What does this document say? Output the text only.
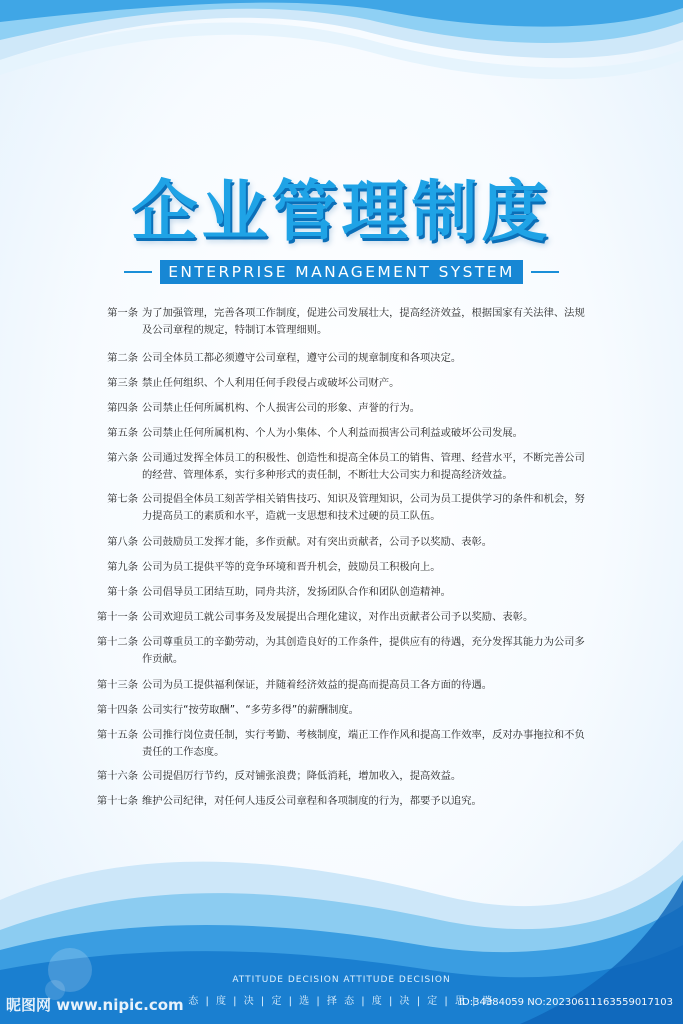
企业管理制度
ENTERPRISE MANAGEMENT SYSTEM
第一条 为了加强管理，完善各项工作制度，促进公司发展壮大，提高经济效益，根据国家有关法律、法规及公司章程的规定，特制订本管理细则。
第二条 公司全体员工都必须遵守公司章程，遵守公司的规章制度和各项决定。
第三条 禁止任何组织、个人利用任何手段侵占或破坏公司财产。
第四条 公司禁止任何所属机构、个人损害公司的形象、声誉的行为。
第五条 公司禁止任何所属机构、个人为小集体、个人利益而损害公司利益或破坏公司发展。
第六条 公司通过发挥全体员工的积极性、创造性和提高全体员工的销售、管理、经营水平，不断完善公司的经营、管理体系，实行多种形式的责任制，不断壮大公司实力和提高经济效益。
第七条 公司提倡全体员工刻苦学相关销售技巧、知识及管理知识，公司为员工提供学习的条件和机会，努力提高员工的素质和水平，造就一支思想和技术过硬的员工队伍。
第八条 公司鼓励员工发挥才能，多作贡献。对有突出贡献者，公司予以奖励、表彰。
第九条 公司为员工提供平等的竞争环境和晋升机会，鼓励员工积极向上。
第十条 公司倡导员工团结互助，同舟共济，发扬团队合作和团队创造精神。
第十一条 公司欢迎员工就公司事务及发展提出合理化建议，对作出贡献者公司予以奖励、表彰。
第十二条 公司尊重员工的辛勤劳动，为其创造良好的工作条件，提供应有的待遇，充分发挥其能力为公司多作贡献。
第十三条 公司为员工提供福利保证，并随着经济效益的提高而提高员工各方面的待遇。
第十四条 公司实行“按劳取酬”、“多劳多得”的薪酬制度。
第十五条 公司推行岗位责任制，实行考勤、考核制度，端正工作作风和提高工作效率，反对办事拖拉和不负责任的工作态度。
第十六条 公司提倡厉行节约，反对铺张浪费；降低消耗，增加收入，提高效益。
第十七条 维护公司纪律，对任何人违反公司章程和各项制度的行为，都要予以追究。
ATTITUDE DECISION ATTITUDE DECISION
态 | 度 | 决 | 定 | 选 | 择 态 | 度 | 决 | 定 | 思 | 路
昵图网 www.nipic.com	ID:34384059 NO:20230611163559017103
